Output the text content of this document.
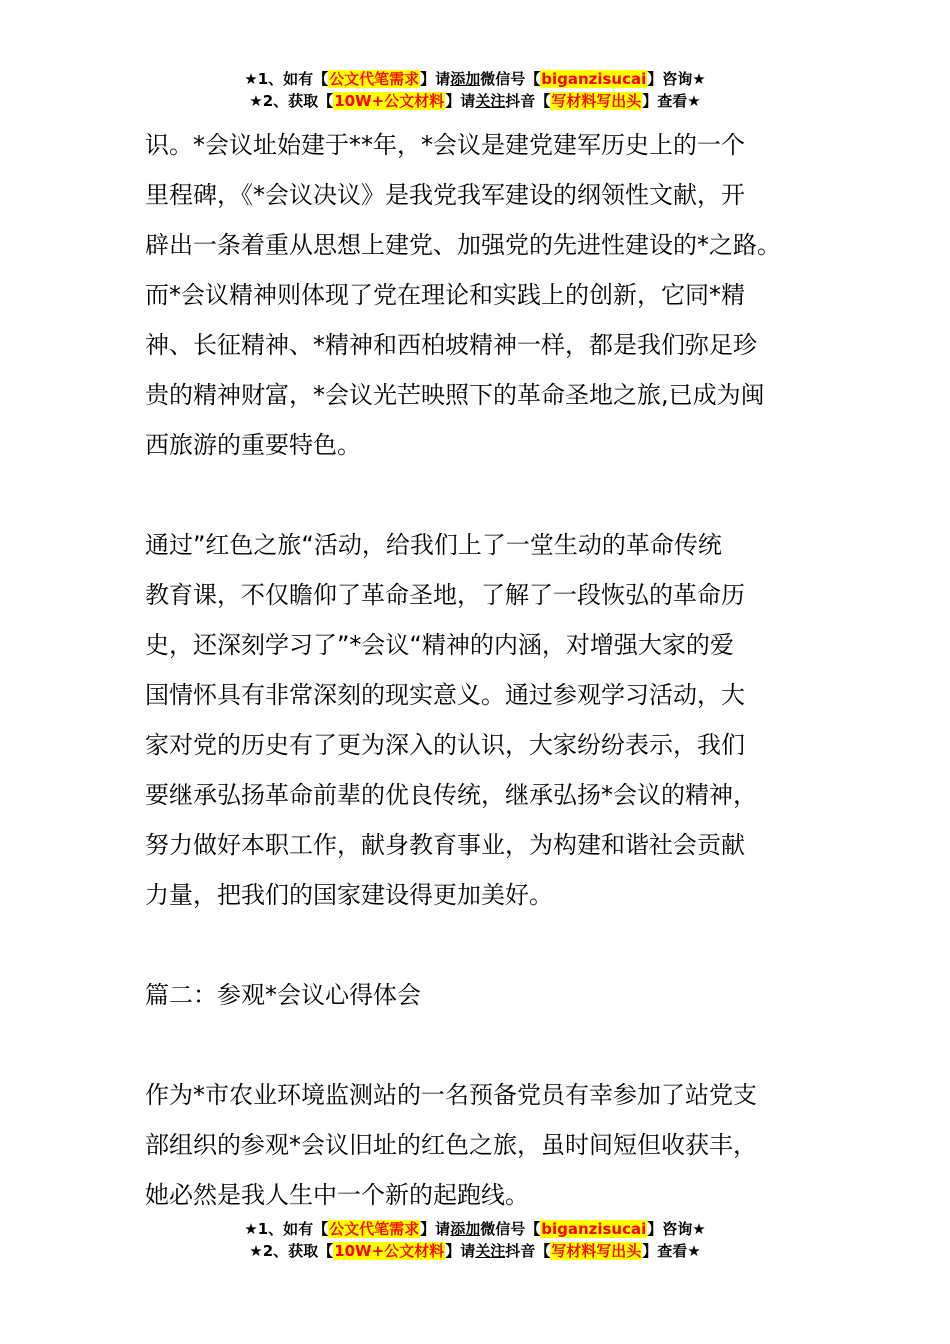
★1、如有【公文代笔需求】请添加微信号【biganzisucai】咨询★
★2、获取【10W+公文材料】请关注抖音【写材料写出头】查看★
识。*会议址始建于**年，*会议是建党建军历史上的一个
里程碑，《*会议决议》是我党我军建设的纲领性文献，开
辟出一条着重从思想上建党、加强党的先进性建设的*之路。
而*会议精神则体现了党在理论和实践上的创新，它同*精
神、长征精神、*精神和西柏坡精神一样，都是我们弥足珍
贵的精神财富，*会议光芒映照下的革命圣地之旅,已成为闽
西旅游的重要特色。
通过”红色之旅“活动，给我们上了一堂生动的革命传统
教育课，不仅瞻仰了革命圣地，了解了一段恢弘的革命历
史，还深刻学习了”*会议“精神的内涵，对增强大家的爱
国情怀具有非常深刻的现实意义。通过参观学习活动，大
家对党的历史有了更为深入的认识，大家纷纷表示，我们
要继承弘扬革命前辈的优良传统，继承弘扬*会议的精神，
努力做好本职工作，献身教育事业，为构建和谐社会贡献
力量，把我们的国家建设得更加美好。
篇二：参观*会议心得体会
作为*市农业环境监测站的一名预备党员有幸参加了站党支
部组织的参观*会议旧址的红色之旅，虽时间短但收获丰，
她必然是我人生中一个新的起跑线。
★1、如有【公文代笔需求】请添加微信号【biganzisucai】咨询★
★2、获取【10W+公文材料】请关注抖音【写材料写出头】查看★
